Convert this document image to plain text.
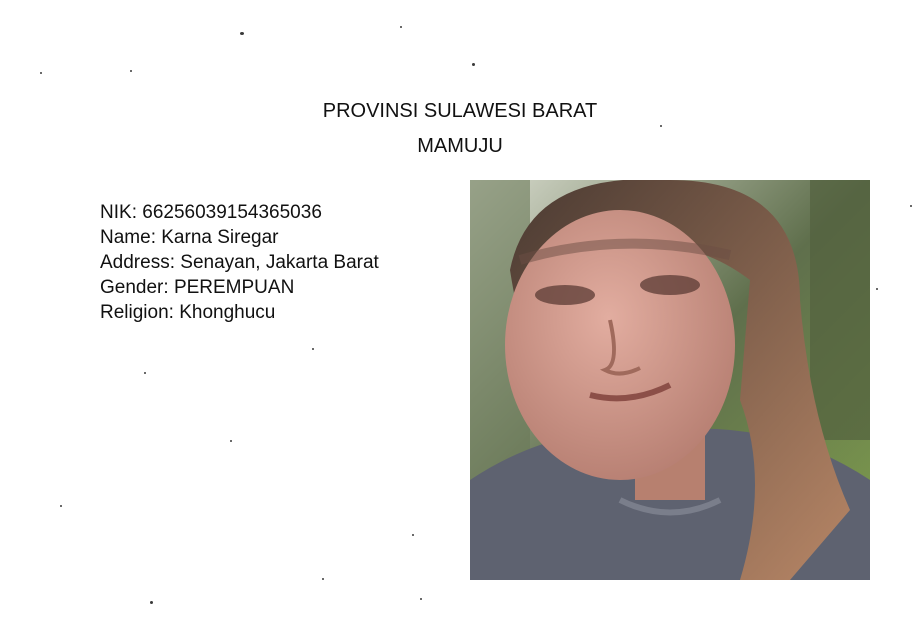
PROVINSI SULAWESI BARAT
MAMUJU
NIK: 66256039154365036
Name: Karna Siregar
Address: Senayan, Jakarta Barat
Gender: PEREMPUAN
Religion: Khonghucu
